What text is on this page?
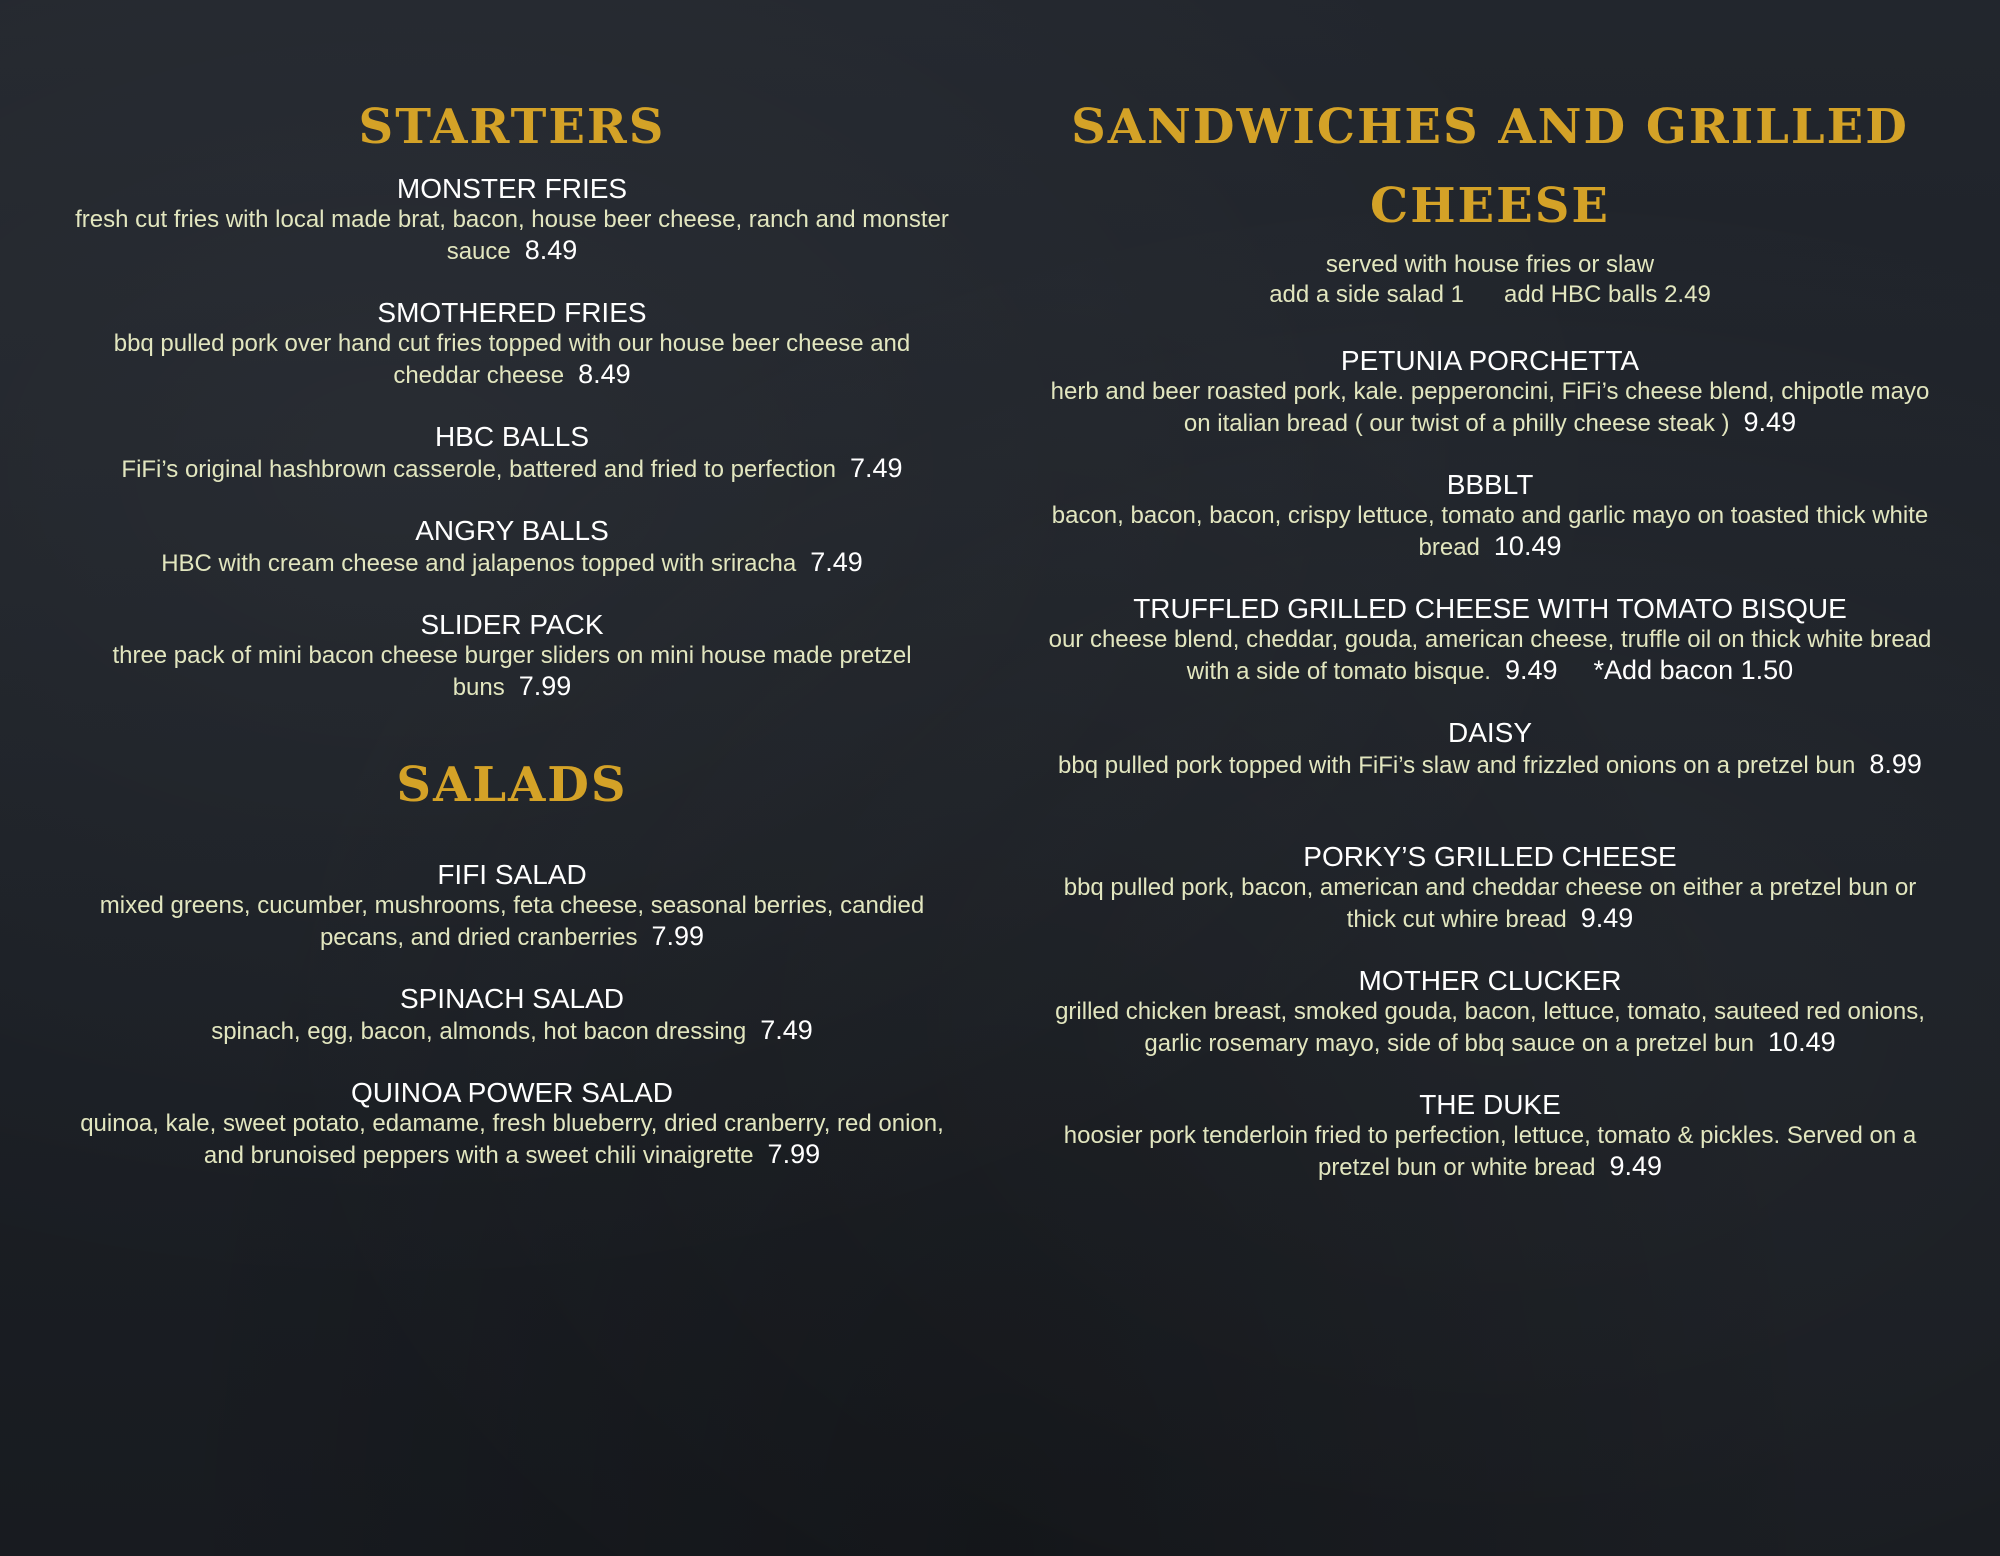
STARTERS
MONSTER FRIES
fresh cut fries with local made brat, bacon, house beer cheese, ranch and monster sauce 8.49
SMOTHERED FRIES
bbq pulled pork over hand cut fries topped with our house beer cheese and cheddar cheese 8.49
HBC BALLS
FiFi’s original hashbrown casserole, battered and fried to perfection 7.49
ANGRY BALLS
HBC with cream cheese and jalapenos topped with sriracha 7.49
SLIDER PACK
three pack of mini bacon cheese burger sliders on mini house made pretzel buns 7.99
SALADS
FIFI SALAD
mixed greens, cucumber, mushrooms, feta cheese, seasonal berries, candied pecans, and dried cranberries 7.99
SPINACH SALAD
spinach, egg, bacon, almonds, hot bacon dressing 7.49
QUINOA POWER SALAD
quinoa, kale, sweet potato, edamame, fresh blueberry, dried cranberry, red onion, and brunoised peppers with a sweet chili vinaigrette 7.99
SANDWICHES AND GRILLED
CHEESE

served with house fries or slaw

add a side salad 1 add HBC balls 2.49

PETUNIA PORCHETTA
herb and beer roasted pork, kale. pepperoncini, FiFi’s cheese blend, chipotle mayo on italian bread ( our twist of a philly cheese steak ) 9.49
BBBLT
bacon, bacon, bacon, crispy lettuce, tomato and garlic mayo on toasted thick white bread 10.49
TRUFFLED GRILLED CHEESE WITH TOMATO BISQUE
our cheese blend, cheddar, gouda, american cheese, truffle oil on thick white bread with a side of tomato bisque. 9.49 *Add bacon 1.50
DAISY
bbq pulled pork topped with FiFi’s slaw and frizzled onions on a pretzel bun 8.99
PORKY’S GRILLED CHEESE
bbq pulled pork, bacon, american and cheddar cheese on either a pretzel bun or thick cut whire bread 9.49
MOTHER CLUCKER
grilled chicken breast, smoked gouda, bacon, lettuce, tomato, sauteed red onions, garlic rosemary mayo, side of bbq sauce on a pretzel bun 10.49
THE DUKE
hoosier pork tenderloin fried to perfection, lettuce, tomato & pickles. Served on a pretzel bun or white bread 9.49
